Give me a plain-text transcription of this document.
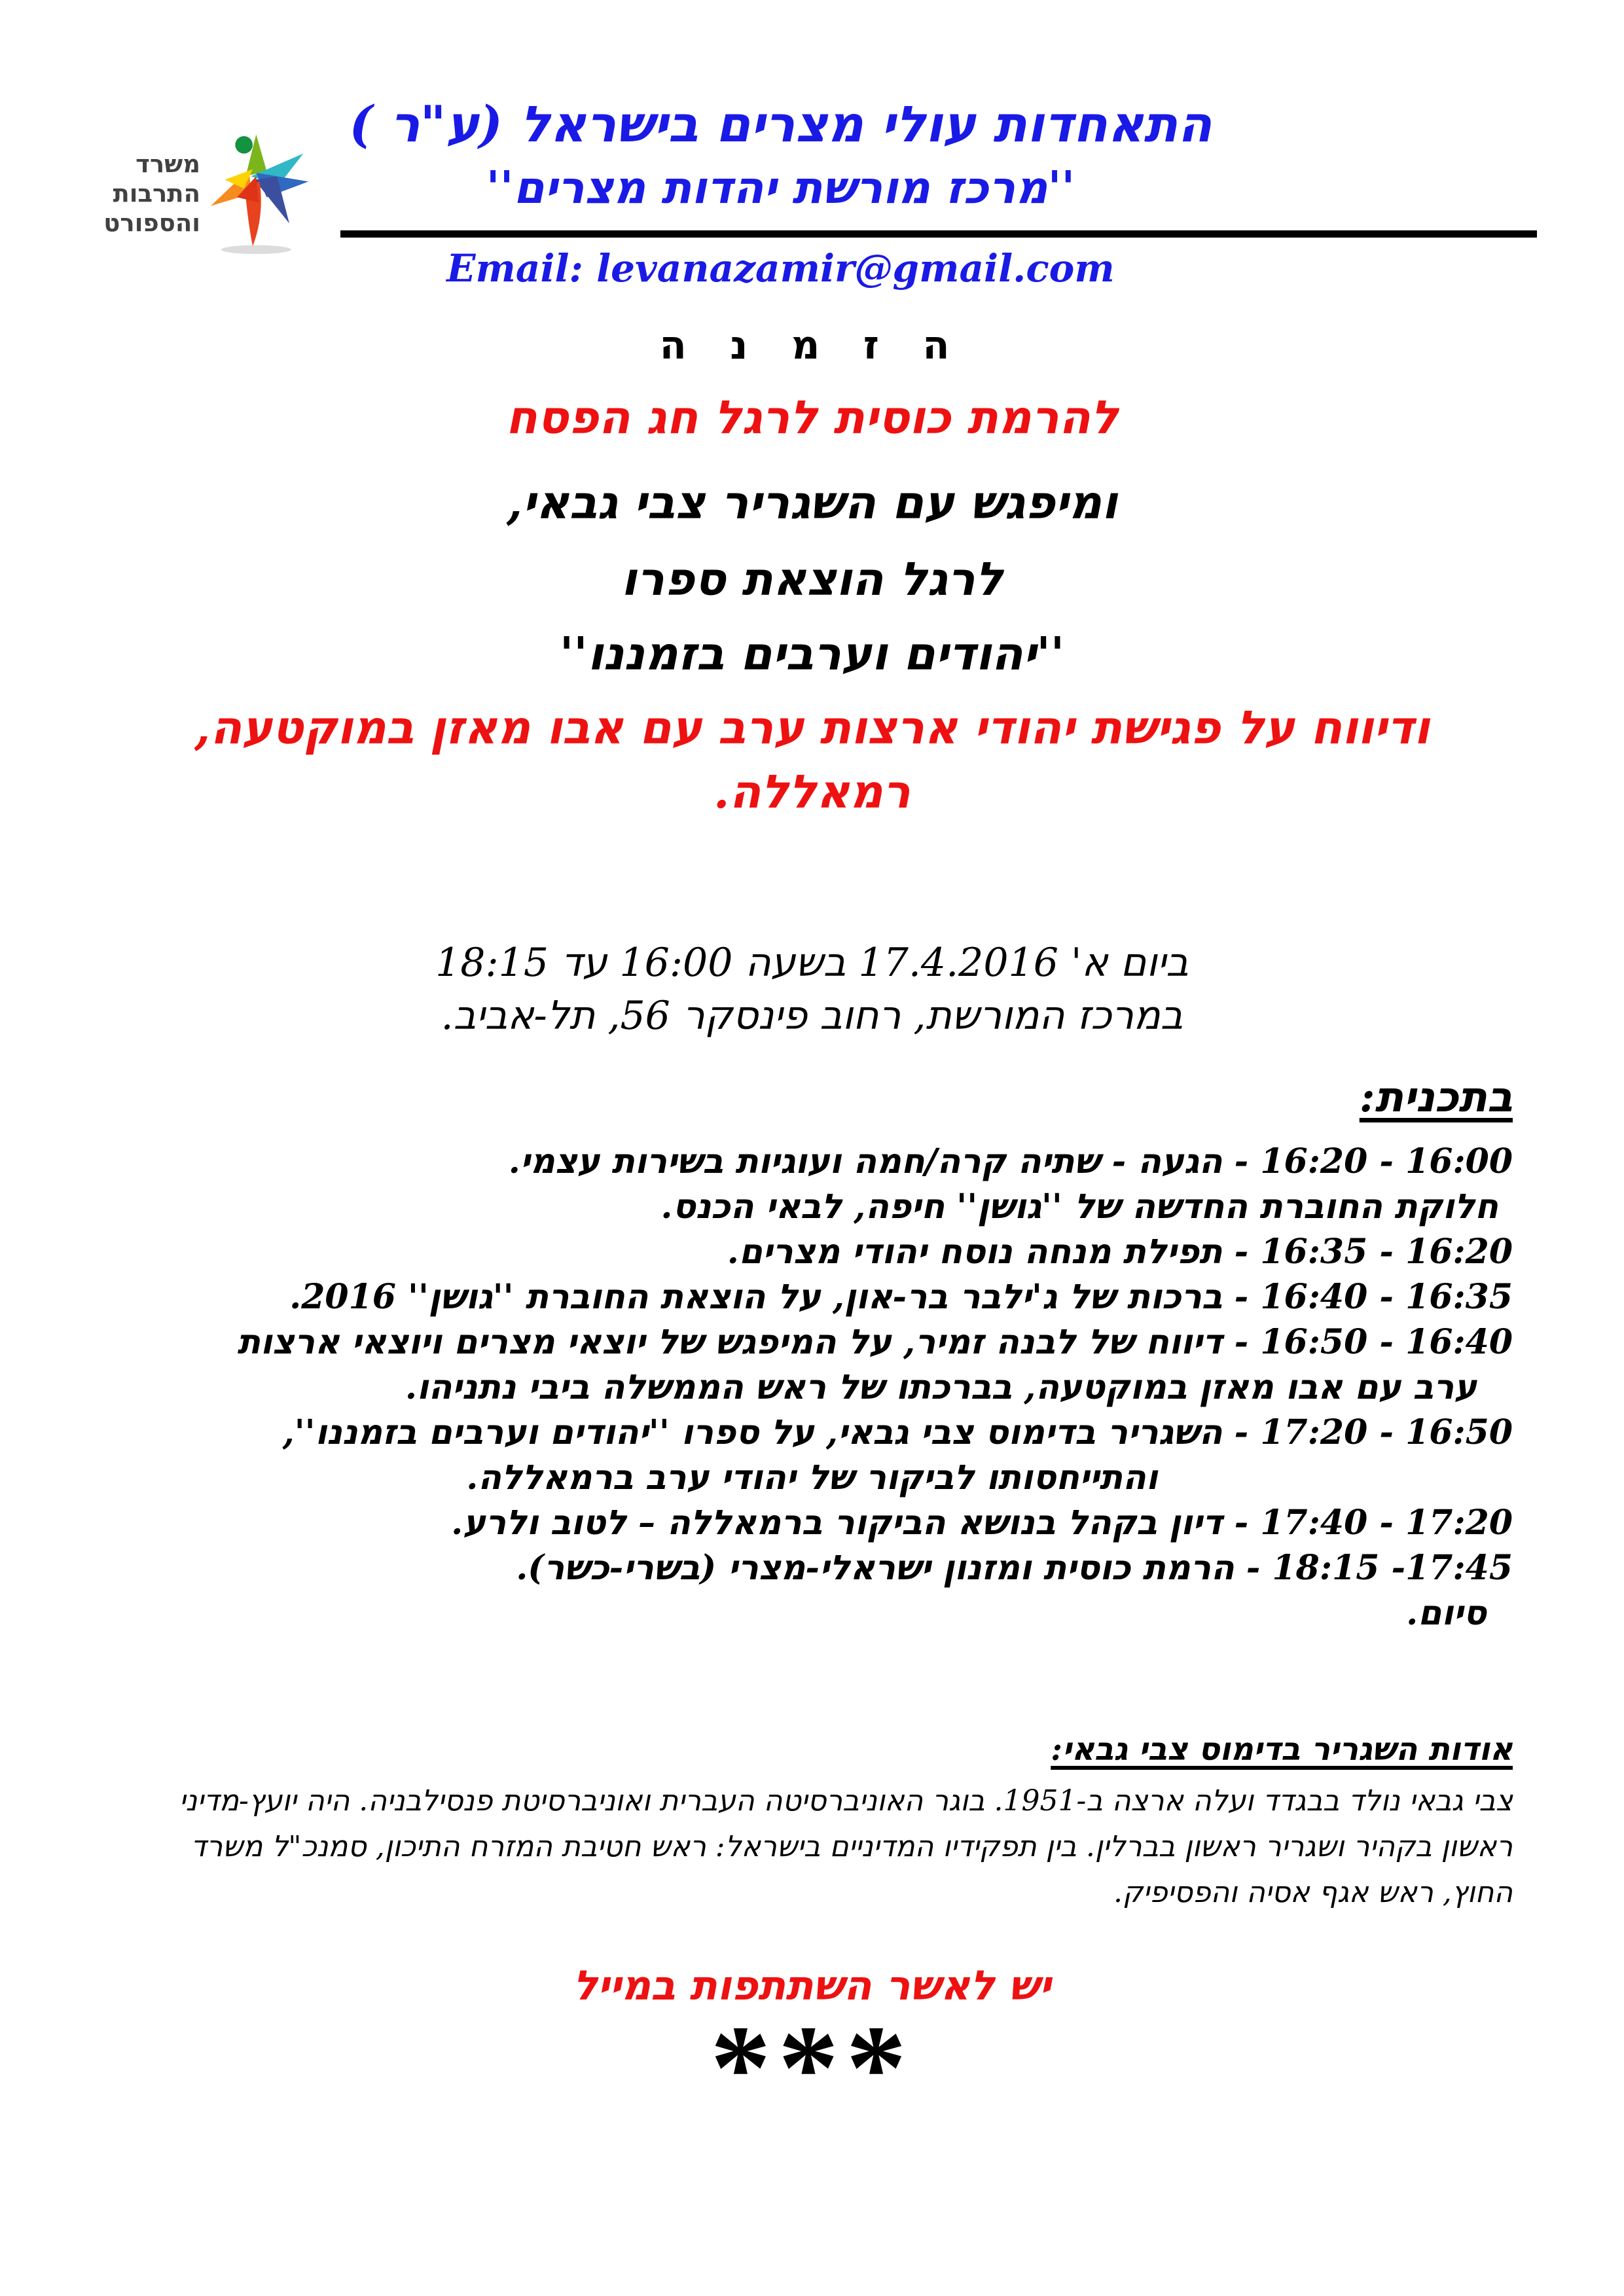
משרד
התרבות
והספורט
התאחדות עולי מצרים בישראל (ע"ר )
''מרכז מורשת יהדות מצרים''
Email: levanazamir@gmail.com
ה ז מ נ ה
להרמת כוסית לרגל חג הפסח
ומיפגש עם השגריר צבי גבאי,
לרגל הוצאת ספרו
''יהודים וערבים בזמננו''
ודיווח על פגישת יהודי ארצות ערב עם אבו מאזן במוקטעה,
רמאללה.
ביום א' 17.4.2016 בשעה 16:00 עד 18:15
במרכז המורשת, רחוב פינסקר 56, תל-אביב.
בתכנית:
16:00 - 16:20 - הגעה - שתיה קרה/חמה ועוגיות בשירות עצמי.
חלוקת החוברת החדשה של ''גושן'' חיפה, לבאי הכנס.
16:20 - 16:35 - תפילת מנחה נוסח יהודי מצרים.
16:35 - 16:40 - ברכות של ג'ילבר בר-און, על הוצאת החוברת ''גושן'' 2016.
16:40 - 16:50 - דיווח של לבנה זמיר, על המיפגש של יוצאי מצרים ויוצאי ארצות
ערב עם אבו מאזן במוקטעה, בברכתו של ראש הממשלה ביבי נתניהו.
16:50 - 17:20 - השגריר בדימוס צבי גבאי, על ספרו ''יהודים וערבים בזמננו'',
והתייחסותו לביקור של יהודי ערב ברמאללה.
17:20 - 17:40 - דיון בקהל בנושא הביקור ברמאללה – לטוב ולרע.
17:45- 18:15 - הרמת כוסית ומזנון ישראלי-מצרי (בשרי-כשר).
סיום.
אודות השגריר בדימוס צבי גבאי:
צבי גבאי נולד בבגדד ועלה ארצה ב-1951. בוגר האוניברסיטה העברית ואוניברסיטת פנסילבניה. היה יועץ-מדיני
ראשון בקהיר ושגריר ראשון בברלין. בין תפקידיו המדיניים בישראל: ראש חטיבת המזרח התיכון, סמנכ"ל משרד
החוץ, ראש אגף אסיה והפסיפיק.
יש לאשר השתתפות במייל
***
